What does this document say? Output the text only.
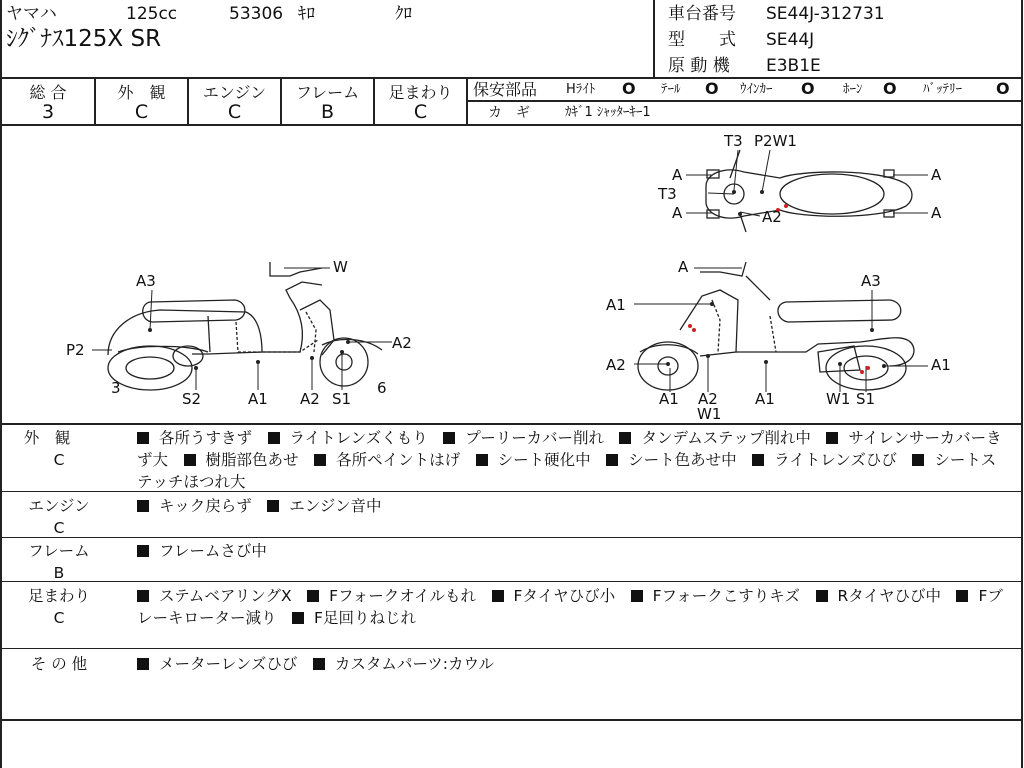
ヤマハ	125cc	53306 ｷﾛ	ｸﾛ
ｼｸﾞﾅｽ125X SR
車台番号 SE44J-312731
型　　式 SE44J
原 動 機 E3B1E
総 合
3
外　観
C
エンジン
C
フレーム
B
足まわり
C
保安部品 Hﾗｲﾄ O ﾃｰﾙ O ｳｲﾝｶｰ O ﾎｰﾝ O ﾊﾞｯﾃﾘｰ O
カ　ギ	ｶｷﾞ1 ｼｬｯﾀｰｷｰ1
A3
W
P2	A2
3	6
S2	A1 A2 S1
T3 P2W1
A
T3
A	A2
A
A
A
A3
A1
A2	A1
A1 A2
W1
A1	W1 S1
外　観
C
各所うすきず　 ライトレンズくもり　 プーリーカバー削れ　 タンデムステップ削れ中　 サイレンサーカバーきず大　 樹脂部色あせ　 各所ペイントはげ　 シート硬化中　 シート色あせ中　 ライトレンズひび　 シートステッチほつれ大　
エンジン
C
キック戻らず　 エンジン音中　
フレーム
B
フレームさび中　
足まわり
C
ステムベアリングX　 Fフォークオイルもれ　 Fタイヤひび小　 Fフォークこすりキズ　 Rタイヤひび中　 Fブレーキローター減り　 F足回りねじれ　
そ の 他	メーターレンズひび　 カスタムパーツ:カウル　
